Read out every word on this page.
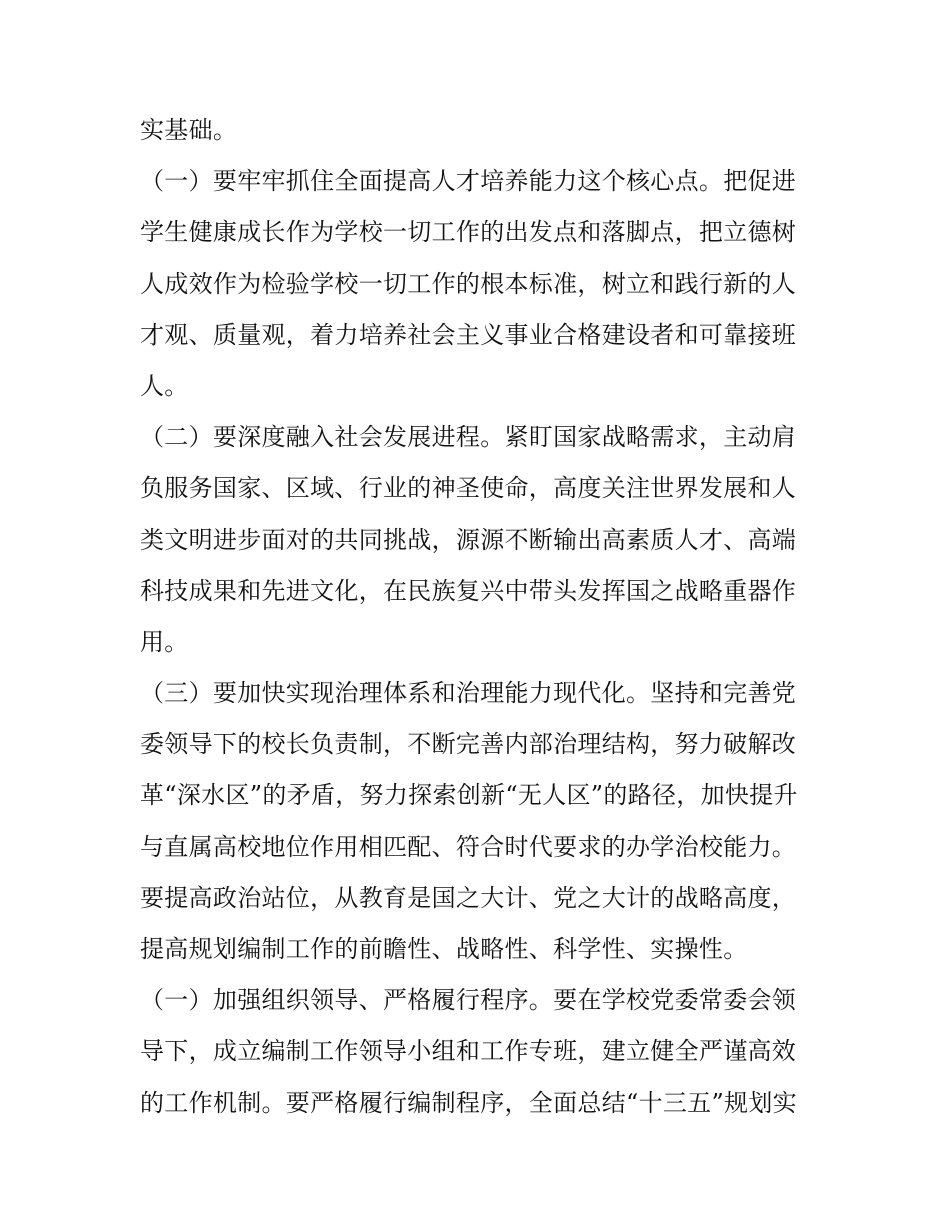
实基础。
（一）要牢牢抓住全面提高人才培养能力这个核心点。把促进
学生健康成长作为学校一切工作的出发点和落脚点，把立德树
人成效作为检验学校一切工作的根本标准，树立和践行新的人
才观、质量观，着力培养社会主义事业合格建设者和可靠接班
人。
（二）要深度融入社会发展进程。紧盯国家战略需求，主动肩
负服务国家、区域、行业的神圣使命，高度关注世界发展和人
类文明进步面对的共同挑战，源源不断输出高素质人才、高端
科技成果和先进文化，在民族复兴中带头发挥国之战略重器作
用。
（三）要加快实现治理体系和治理能力现代化。坚持和完善党
委领导下的校长负责制，不断完善内部治理结构，努力破解改
革“深水区”的矛盾，努力探索创新“无人区”的路径，加快提升
与直属高校地位作用相匹配、符合时代要求的办学治校能力。
要提高政治站位，从教育是国之大计、党之大计的战略高度，
提高规划编制工作的前瞻性、战略性、科学性、实操性。
（一）加强组织领导、严格履行程序。要在学校党委常委会领
导下，成立编制工作领导小组和工作专班，建立健全严谨高效
的工作机制。要严格履行编制程序，全面总结“十三五”规划实
